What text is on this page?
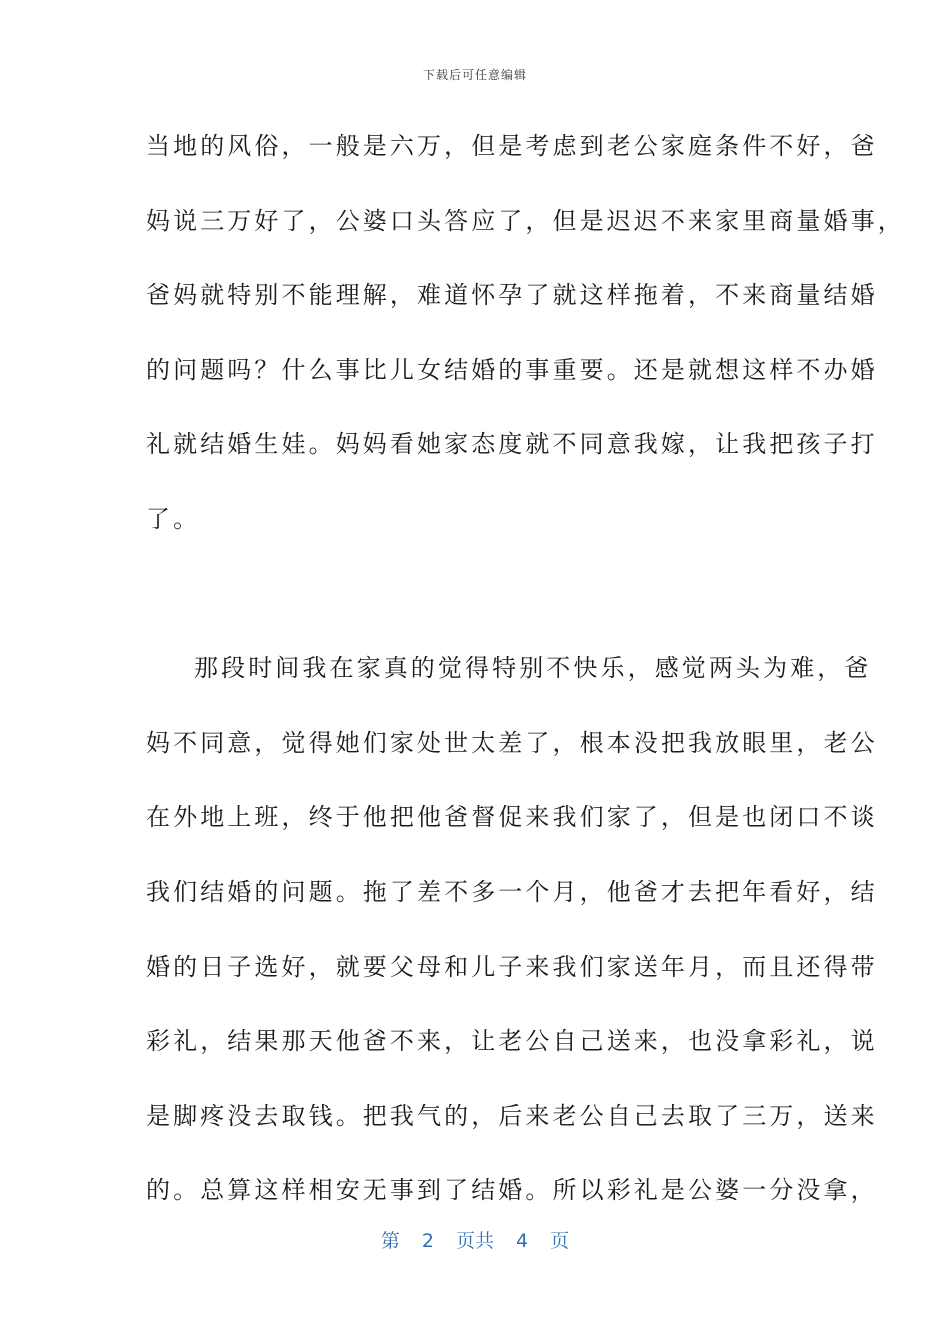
下载后可任意编辑
当地的风俗，一般是六万，但是考虑到老公家庭条件不好，爸
妈说三万好了，公婆口头答应了，但是迟迟不来家里商量婚事，
爸妈就特别不能理解，难道怀孕了就这样拖着，不来商量结婚
的问题吗？什么事比儿女结婚的事重要。还是就想这样不办婚
礼就结婚生娃。妈妈看她家态度就不同意我嫁，让我把孩子打
了。
那段时间我在家真的觉得特别不快乐，感觉两头为难，爸
妈不同意，觉得她们家处世太差了，根本没把我放眼里，老公
在外地上班，终于他把他爸督促来我们家了，但是也闭口不谈
我们结婚的问题。拖了差不多一个月，他爸才去把年看好，结
婚的日子选好，就要父母和儿子来我们家送年月，而且还得带
彩礼，结果那天他爸不来，让老公自己送来，也没拿彩礼，说
是脚疼没去取钱。把我气的，后来老公自己去取了三万，送来
的。总算这样相安无事到了结婚。所以彩礼是公婆一分没拿，
第 2 页共 4 页
